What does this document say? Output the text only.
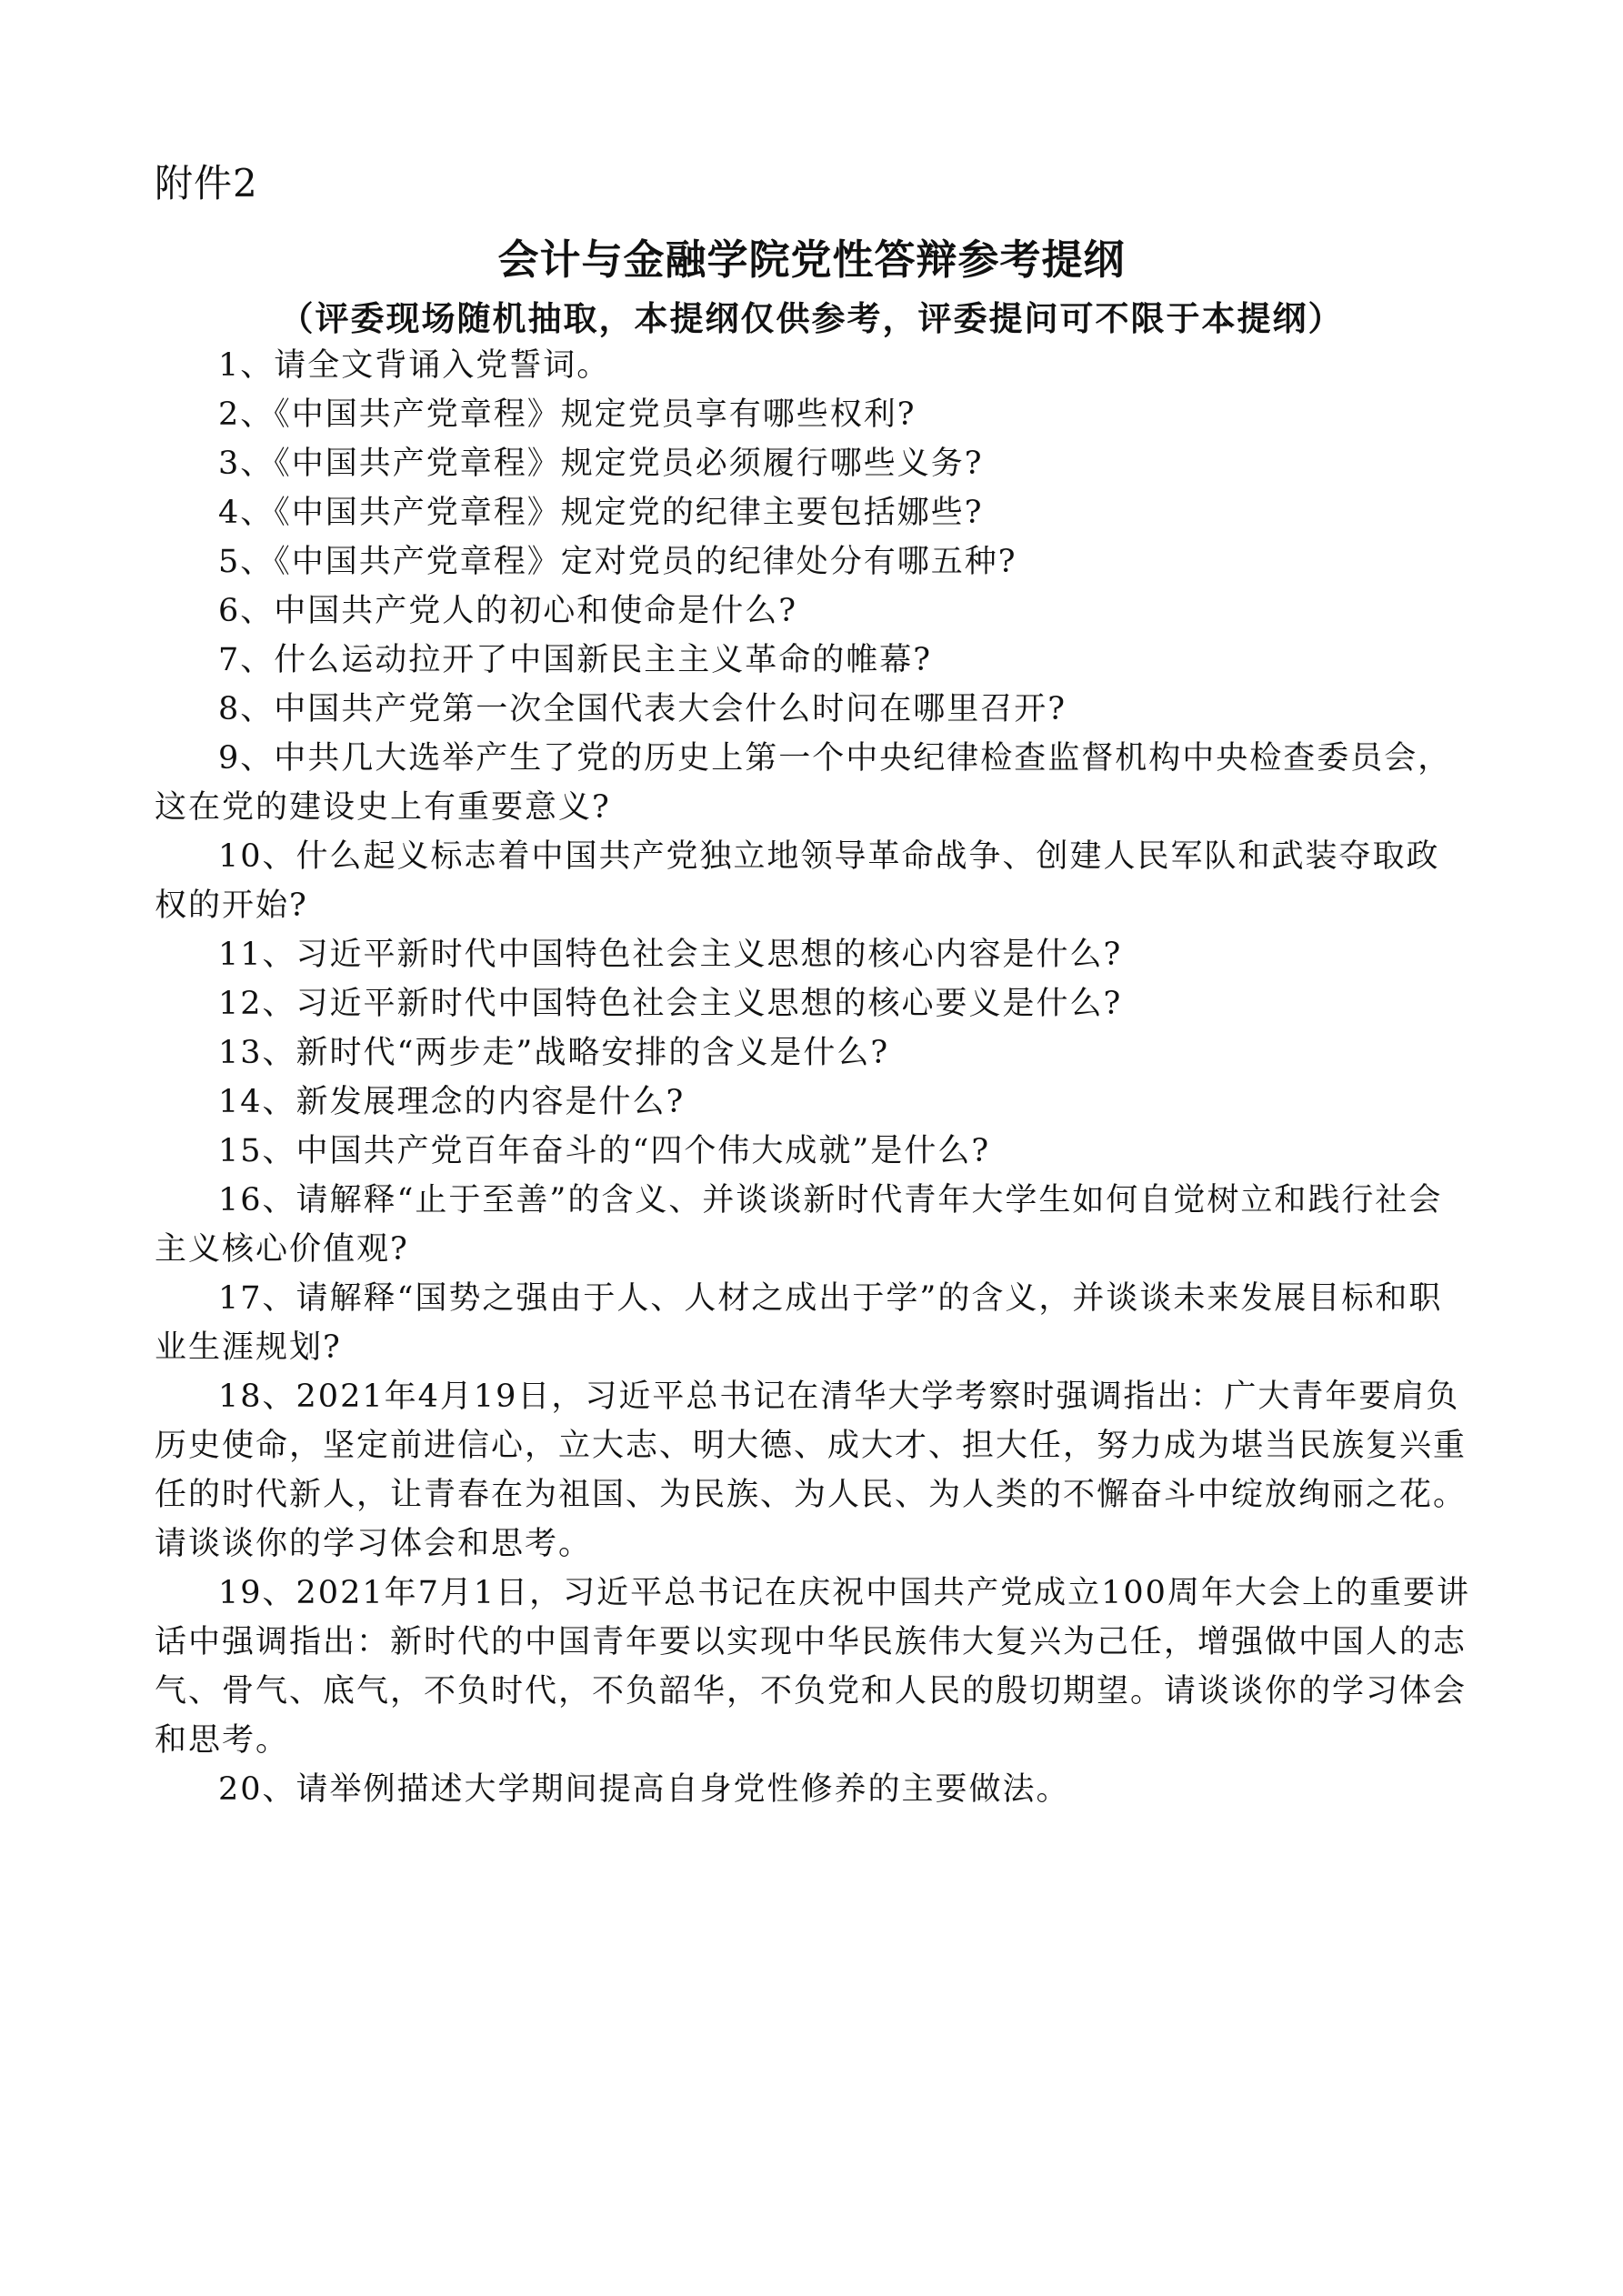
附件2
会计与金融学院党性答辩参考提纲
（评委现场随机抽取，本提纲仅供参考，评委提问可不限于本提纲）

1、请全文背诵入党誓词。

2、《中国共产党章程》规定党员享有哪些权利?

3、《中国共产党章程》规定党员必须履行哪些义务?

4、《中国共产党章程》规定党的纪律主要包括娜些?

5、《中国共产党章程》定对党员的纪律处分有哪五种?

6、中国共产党人的初心和使命是什么?

7、什么运动拉开了中国新民主主义革命的帷幕?

8、中国共产党第一次全国代表大会什么时问在哪里召开?

9、中共几大选举产生了党的历史上第一个中央纪律检查监督机构中央检查委员会，这在党的建设史上有重要意义?

10、什么起义标志着中国共产党独立地领导革命战争、创建人民军队和武装夺取政权的开始?

11、习近平新时代中国特色社会主义思想的核心内容是什么?

12、习近平新时代中国特色社会主义思想的核心要义是什么?

13、新时代“两步走”战略安排的含义是什么?

14、新发展理念的内容是什么?

15、中国共产党百年奋斗的“四个伟大成就”是什么?

16、请解释“止于至善”的含义、并谈谈新时代青年大学生如何自觉树立和践行社会主义核心价值观?

17、请解释“国势之强由于人、人材之成出于学”的含义，并谈谈未来发展目标和职业生涯规划?

18、2021年4月19日，习近平总书记在清华大学考察时强调指出：广大青年要肩负历史使命，坚定前进信心，立大志、明大德、成大才、担大任，努力成为堪当民族复兴重任的时代新人，让青春在为祖国、为民族、为人民、为人类的不懈奋斗中绽放绚丽之花。请谈谈你的学习体会和思考。

19、2021年7月1日，习近平总书记在庆祝中国共产党成立100周年大会上的重要讲话中强调指出：新时代的中国青年要以实现中华民族伟大复兴为己任，增强做中国人的志气、骨气、底气，不负时代，不负韶华，不负党和人民的殷切期望。请谈谈你的学习体会和思考。

20、请举例描述大学期间提高自身党性修养的主要做法。
